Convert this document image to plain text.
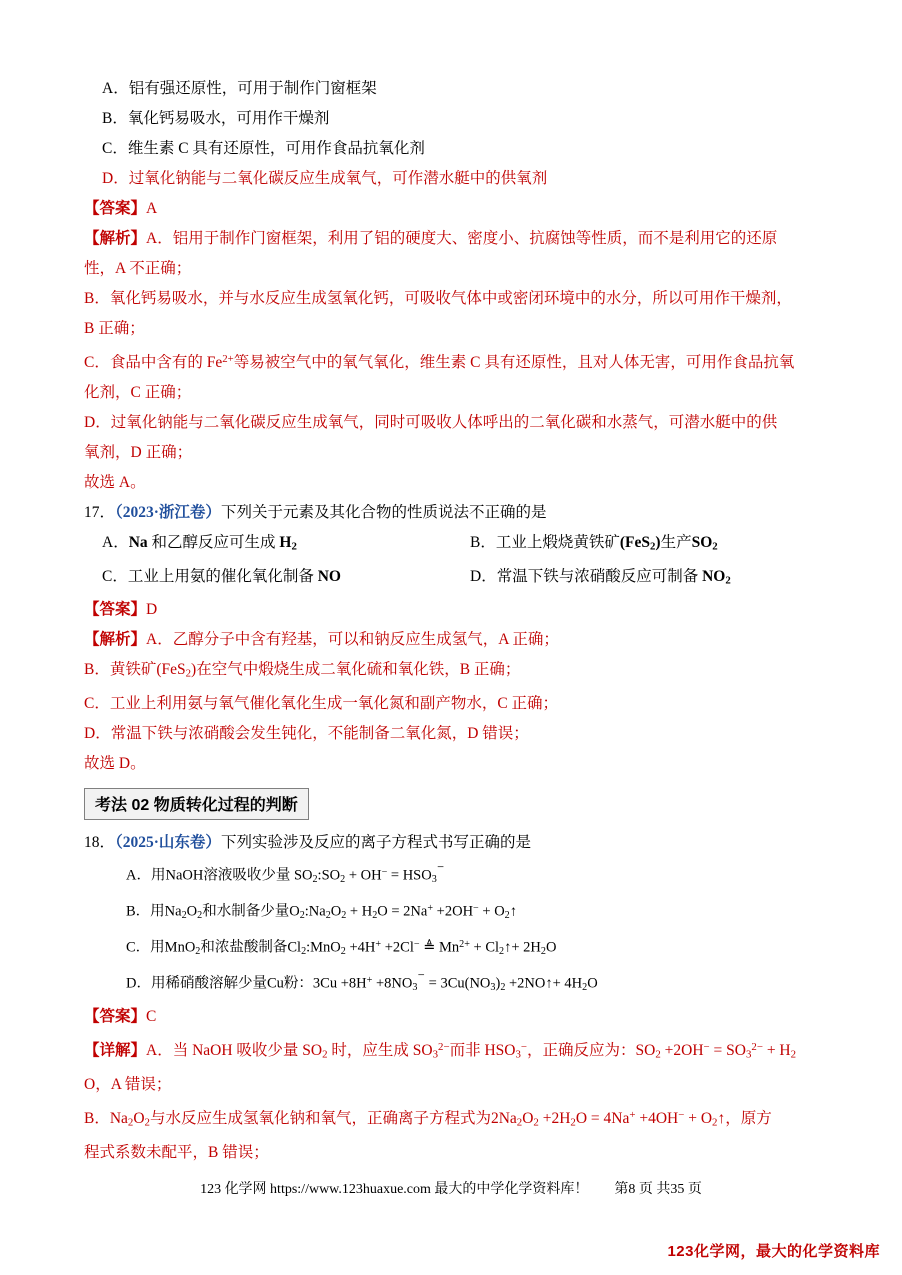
A．铝有强还原性，可用于制作门窗框架
B．氧化钙易吸水，可用作干燥剂
C．维生素 C 具有还原性，可用作食品抗氧化剂
D．过氧化钠能与二氧化碳反应生成氧气，可作潜水艇中的供氧剂
【答案】A
【解析】A．铝用于制作门窗框架，利用了铝的硬度大、密度小、抗腐蚀等性质，而不是利用它的还原
性，A 不正确；
B．氧化钙易吸水，并与水反应生成氢氧化钙，可吸收气体中或密闭环境中的水分，所以可用作干燥剂，
B 正确；
C．食品中含有的 $Fe^{2+}$等易被空气中的氧气氧化，维生素 C 具有还原性，且对人体无害，可用作食品抗氧
化剂，C 正确；
D．过氧化钠能与二氧化碳反应生成氧气，同时可吸收人体呼出的二氧化碳和水蒸气，可潜水艇中的供
氧剂，D 正确；
故选 A。
17．（2023·浙江卷）下列关于元素及其化合物的性质说法不正确的是
A．Na 和乙醇反应可生成 $H_2$	B．工业上煅烧黄铁矿(FeS$_2$)生产$SO_2$
C．工业上用氨的催化氧化制备 NO	D．常温下铁与浓硝酸反应可制备 $NO_2$
【答案】D
【解析】A．乙醇分子中含有羟基，可以和钠反应生成氢气，A 正确；
B．黄铁矿(FeS$_2$)在空气中煅烧生成二氧化硫和氧化铁，B 正确；
C．工业上利用氨与氧气催化氧化生成一氧化氮和副产物水，C 正确；
D．常温下铁与浓硝酸会发生钝化，不能制备二氧化氮，D 错误；
故选 D。
考法 02 物质转化过程的判断
18．（2025·山东卷）下列实验涉及反应的离子方程式书写正确的是
A．用NaOH溶液吸收少量 $SO_2:SO_2 + OH^- = HSO_3^-$
B．用$Na_2O_2$和水制备少量$O_2:Na_2O_2 + H_2O = 2Na^+ +2OH^-$ + $O_2↑$
C．用MnO$_2$和浓盐酸制备$Cl_2:MnO_2 +4H^+ +2Cl^-$ ≜ $Mn^{2+}$ + $Cl_2↑+ 2H_2O$
D．用稀硝酸溶解少量Cu粉：$3Cu +8H^+ +8NO_3^- = 3Cu(NO_3)_2$ +2NO↑+ $4H_2O$
【答案】C
【详解】A．当 NaOH 吸收少量 $SO_2$ 时，应生成 $SO_3^{2-}$而非 $HSO_3^-$，正确反应为：$SO_2 +2OH^- = SO_3^{2-} + H_2$
O，A 错误；
B．$Na_2O_2$与水反应生成氢氧化钠和氧气，正确离子方程式为$2Na_2O_2 +2H_2O = 4Na^+ +4OH^-$ + $O_2↑$，原方
程式系数未配平，B 错误；
123 化学网 https://www.123huaxue.com 最大的中学化学资料库！ 第8 页 共35 页
123化学网，最大的化学资料库
